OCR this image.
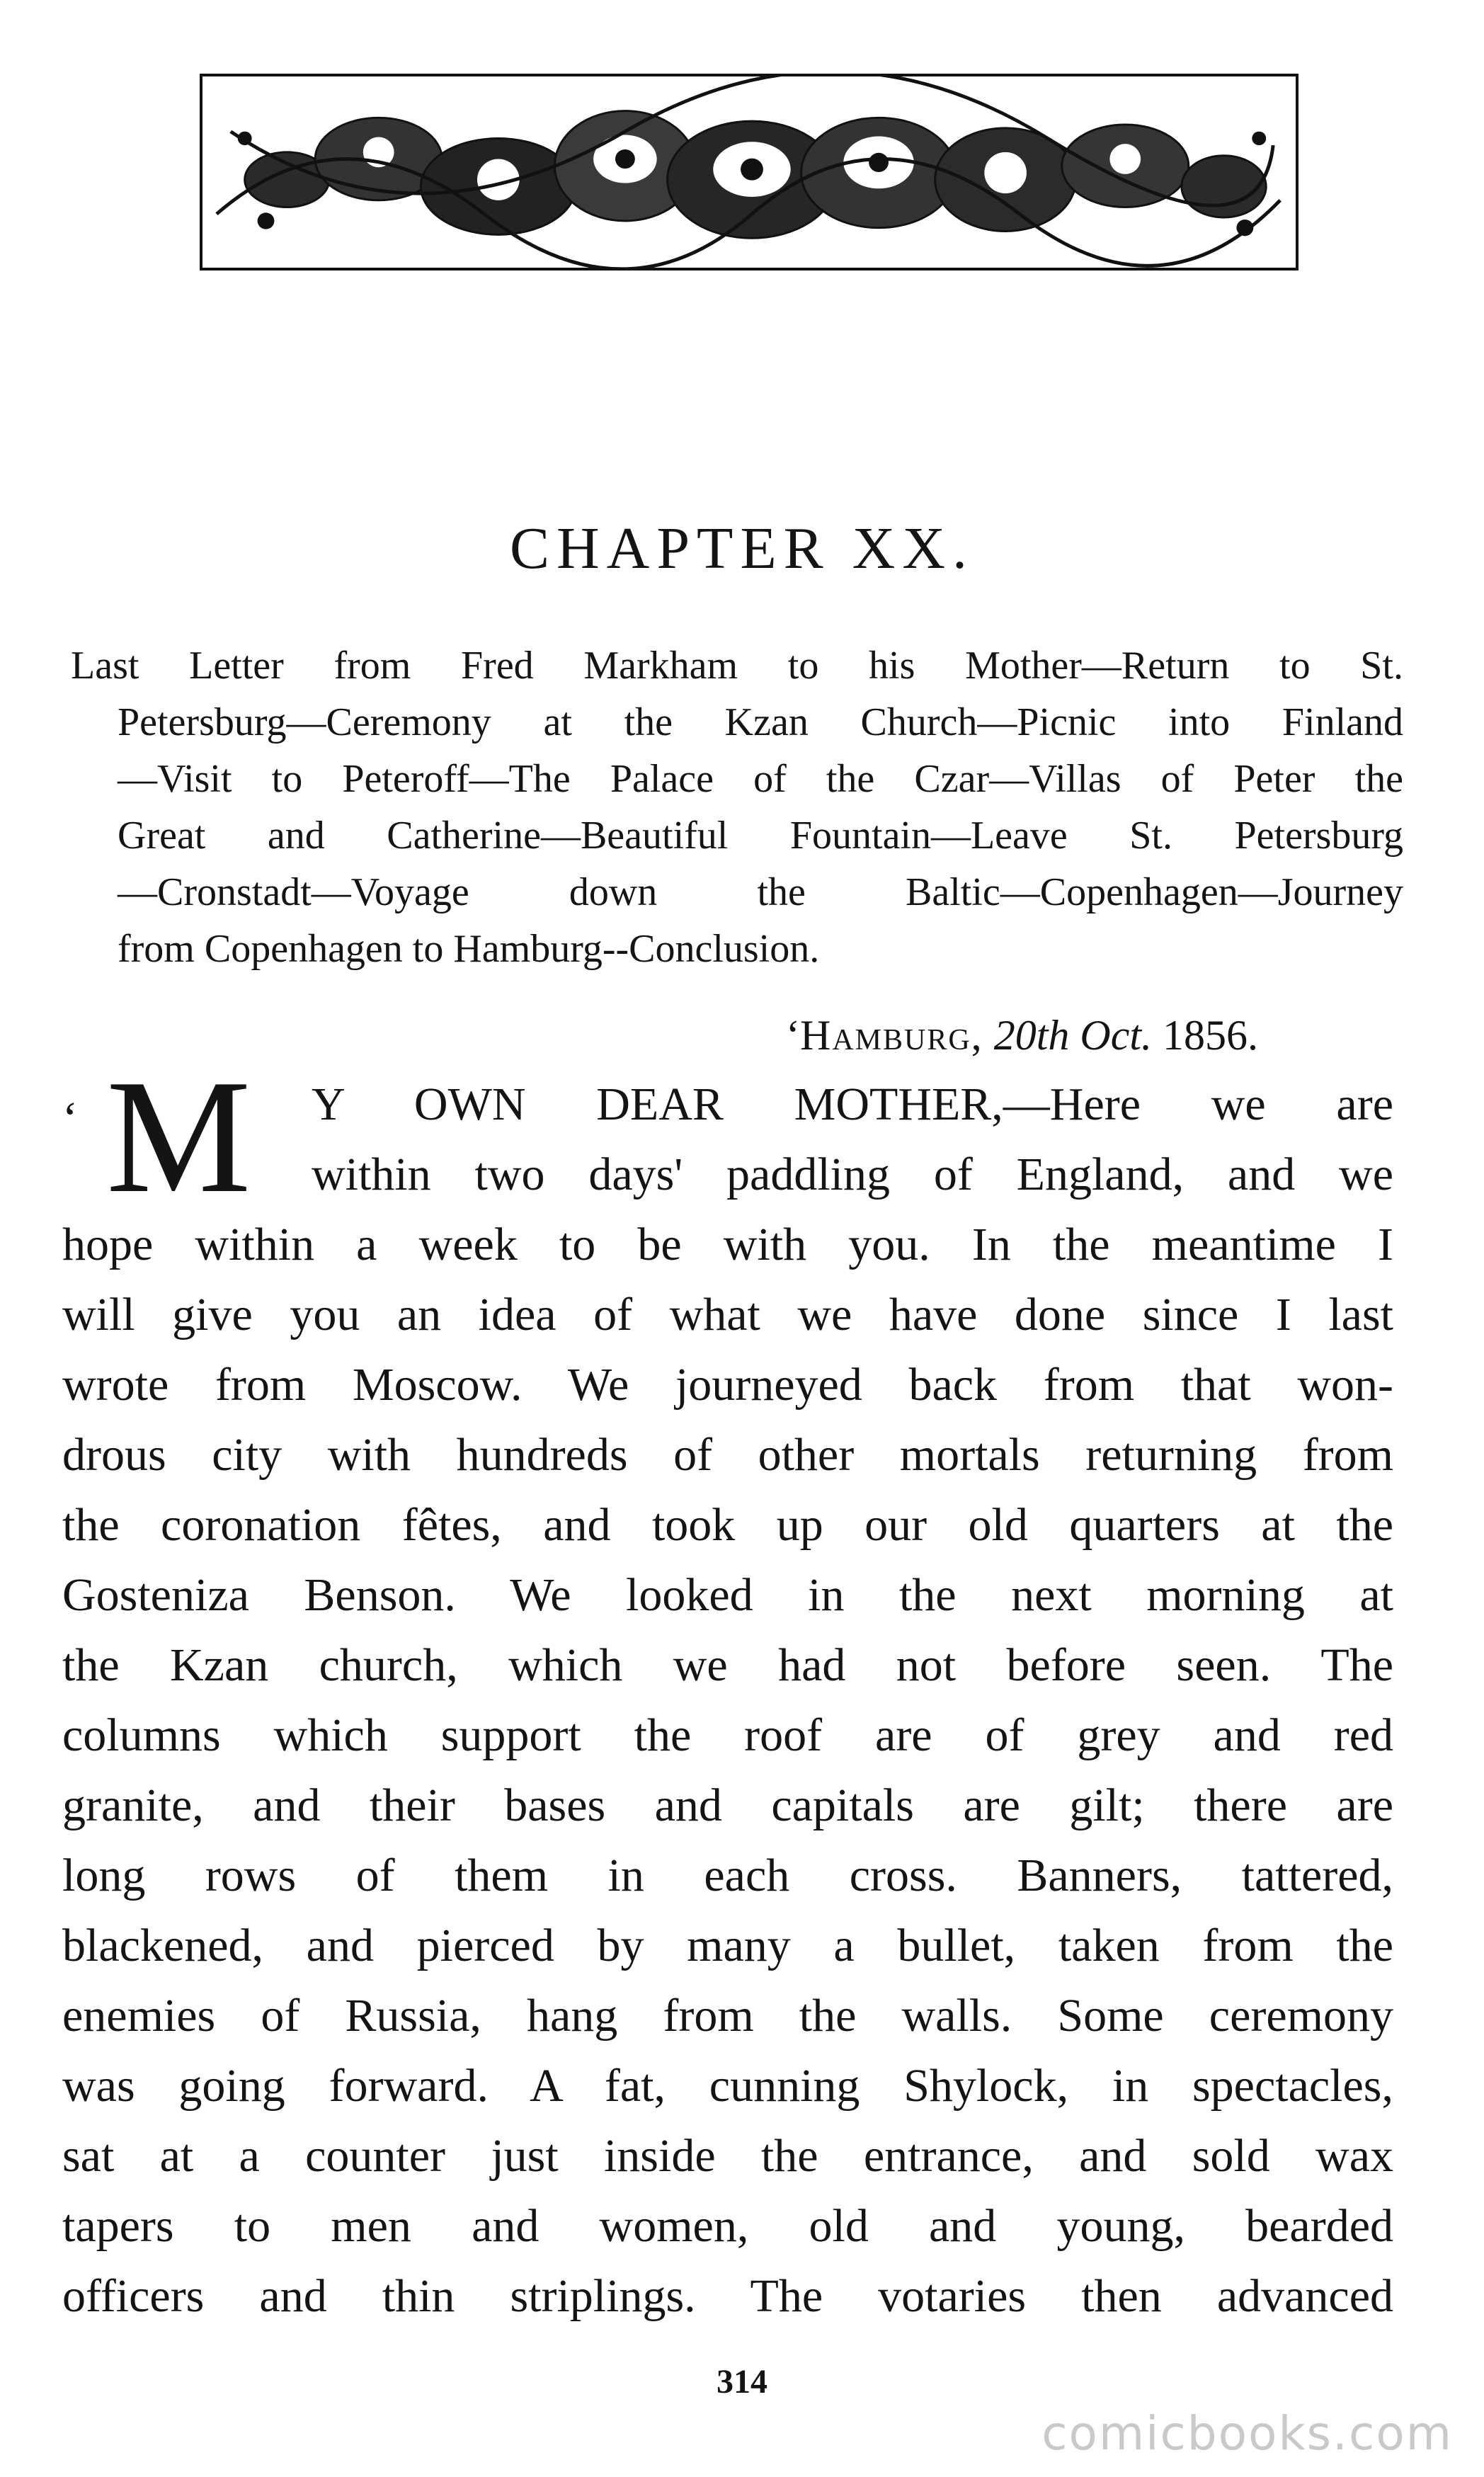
CHAPTER XX.
Last Letter from Fred Markham to his Mother—Return to St.
Petersburg—Ceremony at the Kzan Church—Picnic into Finland
—Visit to Peteroff—The Palace of the Czar—Villas of Peter the
Great and Catherine—Beautiful Fountain—Leave St. Petersburg
—Cronstadt—Voyage down the Baltic—Copenhagen—Journey
from Copenhagen to Hamburg--Conclusion.
‘Hamburg, 20th Oct. 1856.
‘ M	Y OWN DEAR MOTHER,—Here we are
within two days' paddling of England, and we
hope within a week to be with you. In the meantime I
will give you an idea of what we have done since I last
wrote from Moscow. We journeyed back from that won-
drous city with hundreds of other mortals returning from
the coronation fêtes, and took up our old quarters at the
Gosteniza Benson. We looked in the next morning at
the Kzan church, which we had not before seen. The
columns which support the roof are of grey and red
granite, and their bases and capitals are gilt; there are
long rows of them in each cross. Banners, tattered,
blackened, and pierced by many a bullet, taken from the
enemies of Russia, hang from the walls. Some ceremony
was going forward. A fat, cunning Shylock, in spectacles,
sat at a counter just inside the entrance, and sold wax
tapers to men and women, old and young, bearded
officers and thin striplings. The votaries then advanced
314
comicbooks.com
